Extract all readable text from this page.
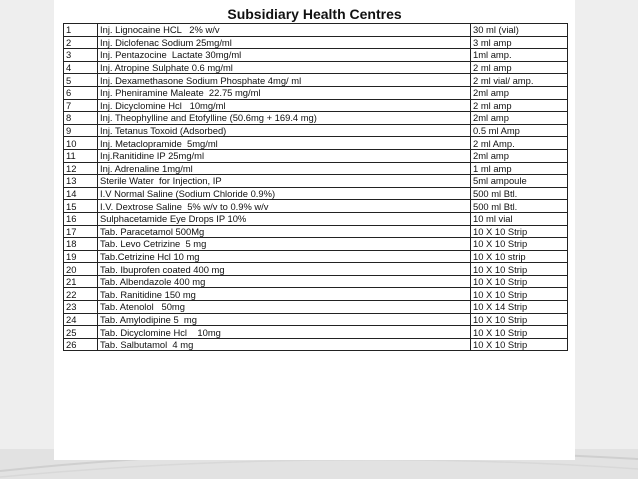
Subsidiary Health Centres
1	Inj. Lignocaine HCL   2% w/v	30 ml (vial)
2	Inj. Diclofenac Sodium 25mg/ml	3 ml amp
3	Inj. Pentazocine  Lactate 30mg/ml	1ml amp.
4	Inj. Atropine Sulphate 0.6 mg/ml	2 ml amp
5	Inj. Dexamethasone Sodium Phosphate 4mg/ ml	2 ml vial/ amp.
6	Inj. Pheniramine Maleate  22.75 mg/ml	2ml amp
7	Inj. Dicyclomine Hcl   10mg/ml	2 ml amp
8	Inj. Theophylline and Etofylline (50.6mg + 169.4 mg)	2ml amp
9	Inj. Tetanus Toxoid (Adsorbed)	0.5 ml Amp
10	Inj. Metaclopramide  5mg/ml	2 ml Amp.
11	Inj.Ranitidine IP 25mg/ml	2ml amp
12	Inj. Adrenaline 1mg/ml	1 ml amp
13	Sterile Water  for Injection, IP	5ml ampoule
14	I.V Normal Saline (Sodium Chloride 0.9%)	500 ml Btl.
15	I.V. Dextrose Saline  5% w/v to 0.9% w/v	500 ml Btl.
16	Sulphacetamide Eye Drops IP 10%	10 ml vial
17	Tab. Paracetamol 500Mg	10 X 10 Strip
18	Tab. Levo Cetrizine  5 mg	10 X 10 Strip
19	Tab.Cetrizine Hcl 10 mg	10 X 10 strip
20	Tab. Ibuprofen coated 400 mg	10 X 10 Strip
21	Tab. Albendazole 400 mg	10 X 10 Strip
22	Tab. Ranitidine 150 mg	10 X 10 Strip
23	Tab. Atenolol   50mg	10 X 14 Strip
24	Tab. Amylodipine 5  mg	10 X 10 Strip
25	Tab. Dicyclomine Hcl    10mg	10 X 10 Strip
26	Tab. Salbutamol  4 mg	10 X 10 Strip
